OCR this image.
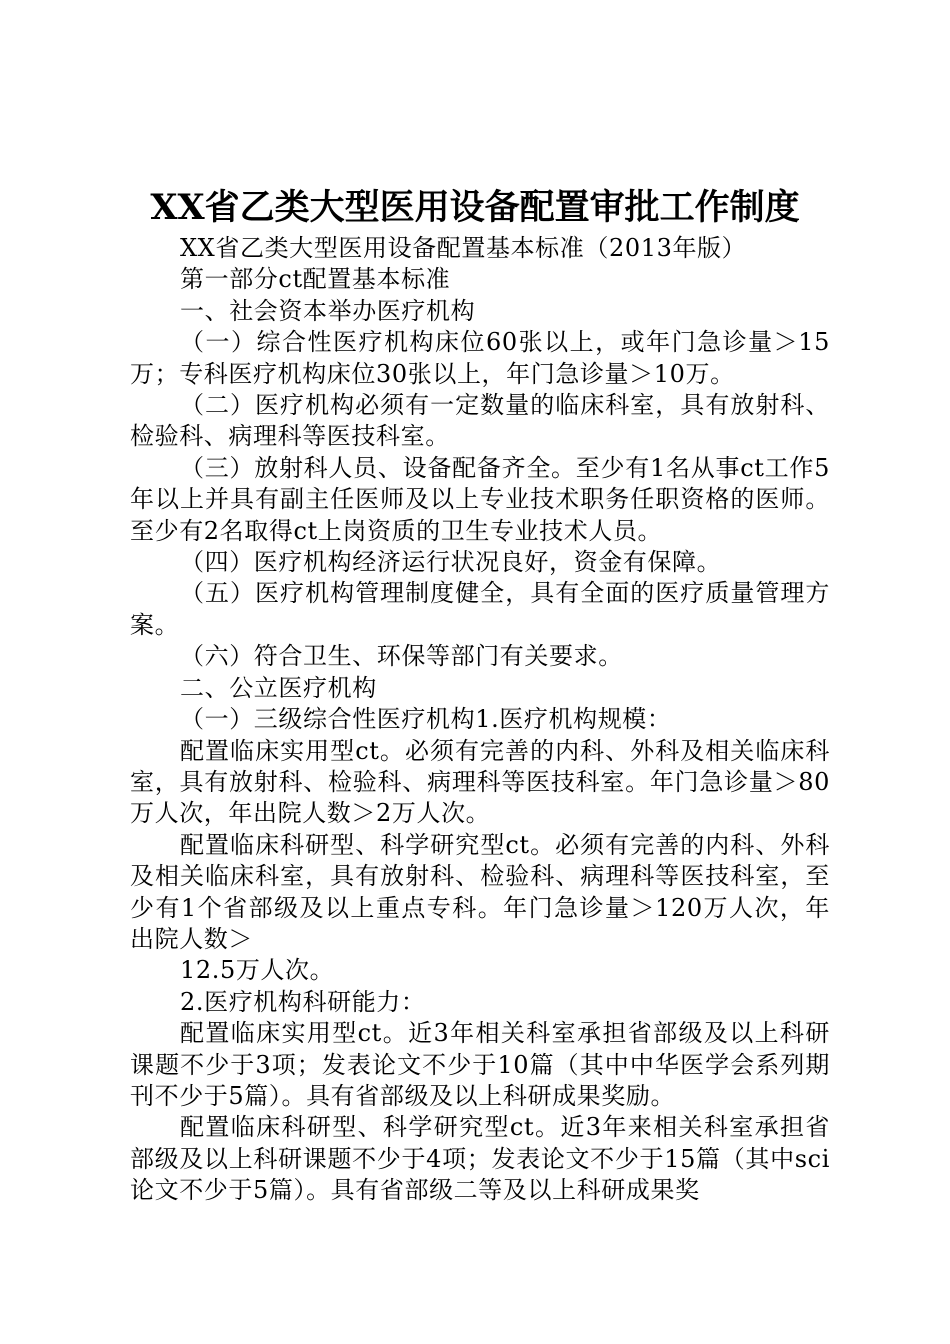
XX省乙类大型医用设备配置审批工作制度

XX省乙类大型医用设备配置基本标准（2013年版）

第一部分ct配置基本标准

一、社会资本举办医疗机构

（一）综合性医疗机构床位60张以上，或年门急诊量＞15万；专科医疗机构床位30张以上，年门急诊量＞10万。

（二）医疗机构必须有一定数量的临床科室，具有放射科、检验科、病理科等医技科室。

（三）放射科人员、设备配备齐全。至少有1名从事ct工作5年以上并具有副主任医师及以上专业技术职务任职资格的医师。至少有2名取得ct上岗资质的卫生专业技术人员。

（四）医疗机构经济运行状况良好，资金有保障。

（五）医疗机构管理制度健全，具有全面的医疗质量管理方案。

（六）符合卫生、环保等部门有关要求。

二、公立医疗机构

（一）三级综合性医疗机构1.医疗机构规模：

配置临床实用型ct。必须有完善的内科、外科及相关临床科室，具有放射科、检验科、病理科等医技科室。年门急诊量＞80万人次，年出院人数＞2万人次。

配置临床科研型、科学研究型ct。必须有完善的内科、外科及相关临床科室，具有放射科、检验科、病理科等医技科室，至少有1个省部级及以上重点专科。年门急诊量＞120万人次，年出院人数＞

12.5万人次。

2.医疗机构科研能力：

配置临床实用型ct。近3年相关科室承担省部级及以上科研课题不少于3项；发表论文不少于10篇（其中中华医学会系列期刊不少于5篇）。具有省部级及以上科研成果奖励。

配置临床科研型、科学研究型ct。近3年来相关科室承担省部级及以上科研课题不少于4项；发表论文不少于15篇（其中sci论文不少于5篇）。具有省部级二等及以上科研成果奖
